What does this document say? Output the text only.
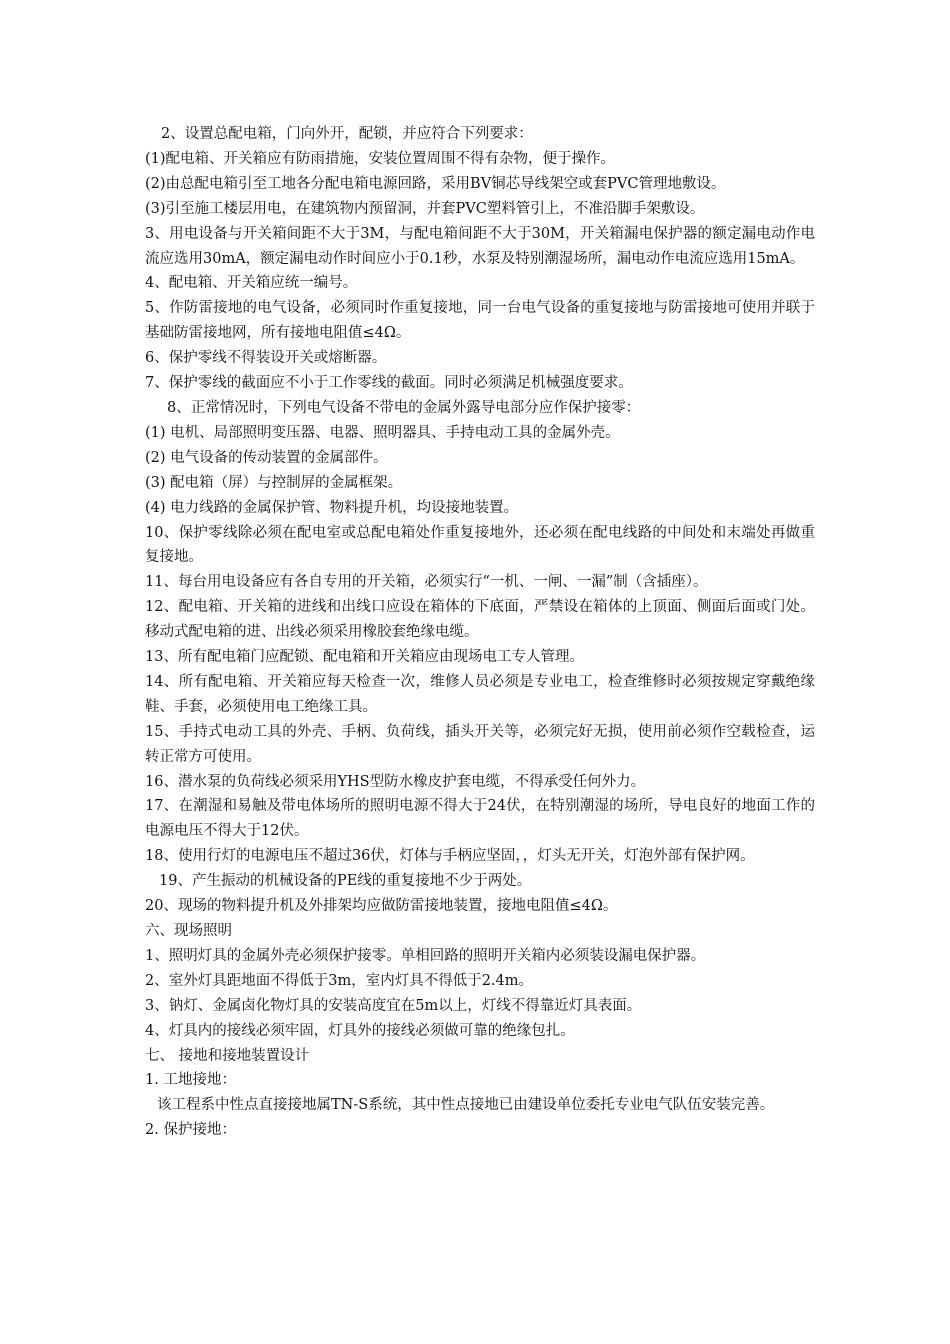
2、设置总配电箱，门向外开，配锁，并应符合下列要求：

(1)配电箱、开关箱应有防雨措施，安装位置周围不得有杂物，便于操作。

(2)由总配电箱引至工地各分配电箱电源回路，采用BV铜芯导线架空或套PVC管理地敷设。

(3)引至施工楼层用电，在建筑物内预留洞，并套PVC塑料管引上，不准沿脚手架敷设。

3、用电设备与开关箱间距不大于3M，与配电箱间距不大于30M，开关箱漏电保护器的额定漏电动作电流应选用30mA，额定漏电动作时间应小于0.1秒，水泵及特别潮湿场所，漏电动作电流应选用15mA。

4、配电箱、开关箱应统一编号。

5、作防雷接地的电气设备，必须同时作重复接地，同一台电气设备的重复接地与防雷接地可使用并联于基础防雷接地网，所有接地电阻值≤4Ω。

6、保护零线不得装设开关或熔断器。

7、保护零线的截面应不小于工作零线的截面。同时必须满足机械强度要求。

8、正常情况时，下列电气设备不带电的金属外露导电部分应作保护接零：

(1) 电机、局部照明变压器、电器、照明器具、手持电动工具的金属外壳。

(2) 电气设备的传动装置的金属部件。

(3) 配电箱（屏）与控制屏的金属框架。

(4) 电力线路的金属保护管、物料提升机，均设接地装置。

10、保护零线除必须在配电室或总配电箱处作重复接地外，还必须在配电线路的中间处和末端处再做重复接地。

11、每台用电设备应有各自专用的开关箱，必须实行“一机、一闸、一漏”制（含插座）。

12、配电箱、开关箱的进线和出线口应设在箱体的下底面，严禁设在箱体的上顶面、侧面后面或门处。移动式配电箱的进、出线必须采用橡胶套绝缘电缆。

13、所有配电箱门应配锁、配电箱和开关箱应由现场电工专人管理。

14、所有配电箱、开关箱应每天检查一次，维修人员必须是专业电工，检查维修时必须按规定穿戴绝缘鞋、手套，必须使用电工绝缘工具。

15、手持式电动工具的外壳、手柄、负荷线，插头开关等，必须完好无损，使用前必须作空载检查，运转正常方可使用。

16、潜水泵的负荷线必须采用YHS型防水橡皮护套电缆，不得承受任何外力。

17、在潮湿和易触及带电体场所的照明电源不得大于24伏，在特别潮湿的场所，导电良好的地面工作的电源电压不得大于12伏。

18、使用行灯的电源电压不超过36伏，灯体与手柄应坚固，，灯头无开关，灯泡外部有保护网。

19、产生振动的机械设备的PE线的重复接地不少于两处。

20、现场的物料提升机及外排架均应做防雷接地装置，接地电阻值≤4Ω。

六、现场照明

1、照明灯具的金属外壳必须保护接零。单相回路的照明开关箱内必须装设漏电保护器。

2、室外灯具距地面不得低于3m，室内灯具不得低于2.4m。

3、钠灯、金属卤化物灯具的安装高度宜在5m以上，灯线不得靠近灯具表面。

4、灯具内的接线必须牢固，灯具外的接线必须做可靠的绝缘包扎。

七、 接地和接地装置设计

1. 工地接地：

该工程系中性点直接接地属TN-S系统，其中性点接地已由建设单位委托专业电气队伍安装完善。

2. 保护接地：
